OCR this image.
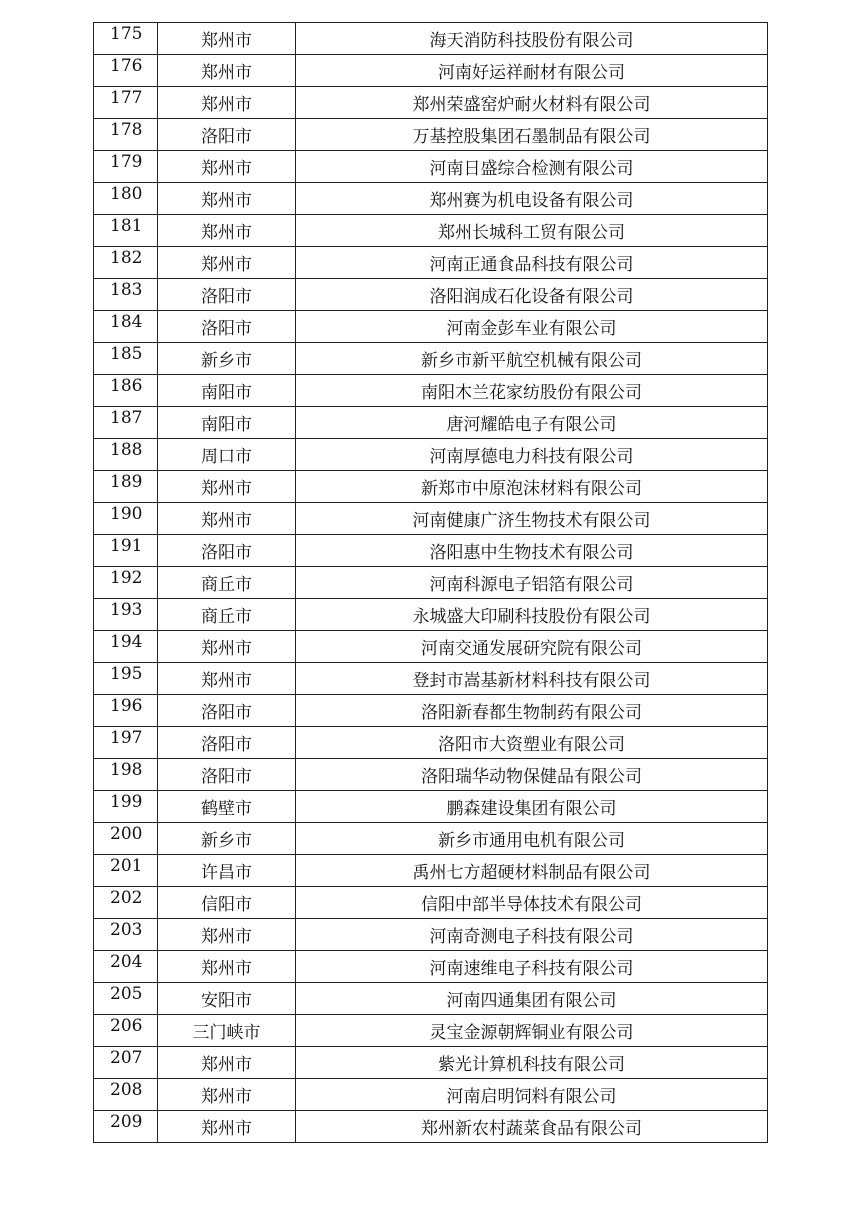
175	郑州市	海天消防科技股份有限公司
176	郑州市	河南好运祥耐材有限公司
177	郑州市	郑州荣盛窑炉耐火材料有限公司
178	洛阳市	万基控股集团石墨制品有限公司
179	郑州市	河南日盛综合检测有限公司
180	郑州市	郑州赛为机电设备有限公司
181	郑州市	郑州长城科工贸有限公司
182	郑州市	河南正通食品科技有限公司
183	洛阳市	洛阳润成石化设备有限公司
184	洛阳市	河南金彭车业有限公司
185	新乡市	新乡市新平航空机械有限公司
186	南阳市	南阳木兰花家纺股份有限公司
187	南阳市	唐河耀皓电子有限公司
188	周口市	河南厚德电力科技有限公司
189	郑州市	新郑市中原泡沫材料有限公司
190	郑州市	河南健康广济生物技术有限公司
191	洛阳市	洛阳惠中生物技术有限公司
192	商丘市	河南科源电子铝箔有限公司
193	商丘市	永城盛大印刷科技股份有限公司
194	郑州市	河南交通发展研究院有限公司
195	郑州市	登封市嵩基新材料科技有限公司
196	洛阳市	洛阳新春都生物制药有限公司
197	洛阳市	洛阳市大资塑业有限公司
198	洛阳市	洛阳瑞华动物保健品有限公司
199	鹤壁市	鹏森建设集团有限公司
200	新乡市	新乡市通用电机有限公司
201	许昌市	禹州七方超硬材料制品有限公司
202	信阳市	信阳中部半导体技术有限公司
203	郑州市	河南奇测电子科技有限公司
204	郑州市	河南速维电子科技有限公司
205	安阳市	河南四通集团有限公司
206	三门峡市	灵宝金源朝辉铜业有限公司
207	郑州市	紫光计算机科技有限公司
208	郑州市	河南启明饲料有限公司
209	郑州市	郑州新农村蔬菜食品有限公司
